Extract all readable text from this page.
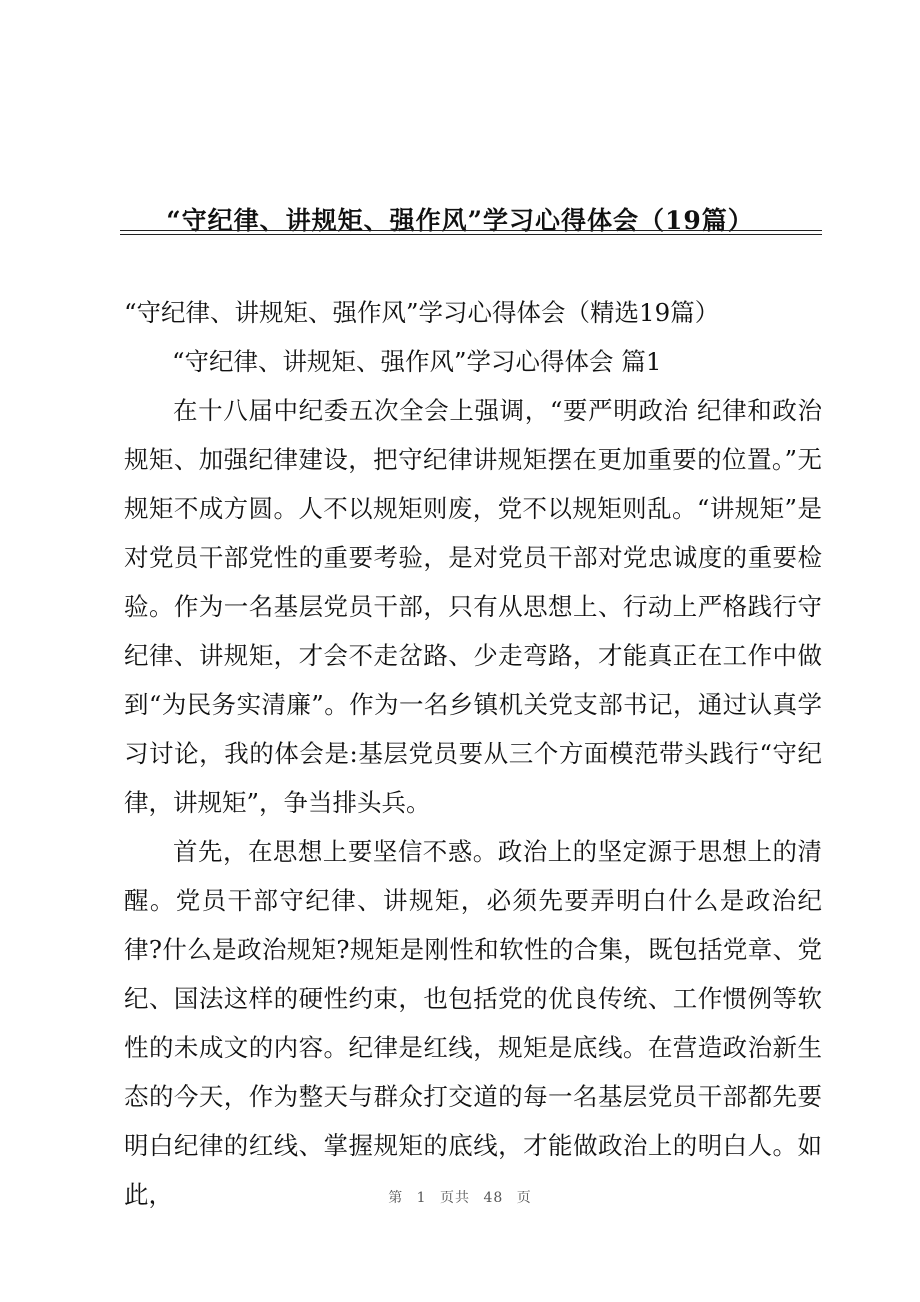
“守纪律、讲规矩、强作风”学习心得体会（19篇）

“守纪律、讲规矩、强作风”学习心得体会（精选19篇）

“守纪律、讲规矩、强作风”学习心得体会 篇1

在十八届中纪委五次全会上强调，“要严明政治 纪律和政治规矩、加强纪律建设，把守纪律讲规矩摆在更加重要的位置。”无规矩不成方圆。人不以规矩则废，党不以规矩则乱。“讲规矩”是对党员干部党性的重要考验，是对党员干部对党忠诚度的重要检验。作为一名基层党员干部，只有从思想上、行动上严格践行守纪律、讲规矩，才会不走岔路、少走弯路，才能真正在工作中做到“为民务实清廉”。作为一名乡镇机关党支部书记，通过认真学习讨论，我的体会是:基层党员要从三个方面模范带头践行“守纪律，讲规矩”，争当排头兵。

首先，在思想上要坚信不惑。政治上的坚定源于思想上的清醒。党员干部守纪律、讲规矩，必须先要弄明白什么是政治纪律?什么是政治规矩?规矩是刚性和软性的合集，既包括党章、党纪、国法这样的硬性约束，也包括党的优良传统、工作惯例等软性的未成文的内容。纪律是红线，规矩是底线。在营造政治新生态的今天，作为整天与群众打交道的每一名基层党员干部都先要明白纪律的红线、掌握规矩的底线，才能做政治上的明白人。如此，	第 1 页共 48 页
